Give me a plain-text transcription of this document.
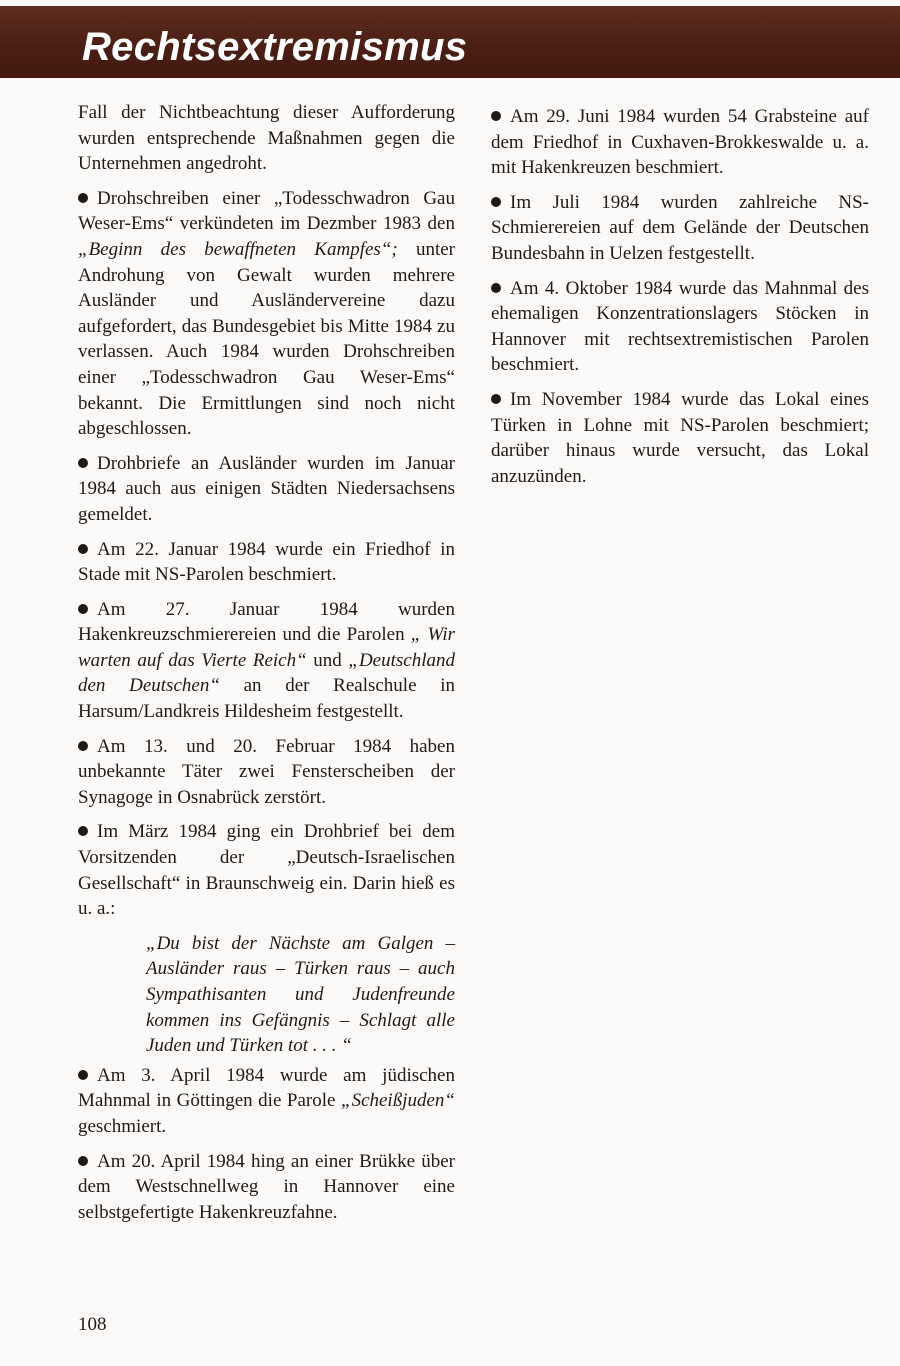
Rechtsextremismus

Fall der Nichtbeachtung dieser Aufforderung wurden entsprechende Maßnahmen gegen die Unternehmen angedroht.

Drohschreiben einer „Todesschwadron Gau Weser-Ems“ verkündeten im Dezmber 1983 den „Beginn des bewaffneten Kampfes“; unter Androhung von Gewalt wurden mehrere Ausländer und Ausländervereine dazu aufgefordert, das Bundesgebiet bis Mitte 1984 zu verlassen. Auch 1984 wurden Drohschreiben einer „Todesschwadron Gau Weser-Ems“ bekannt. Die Ermittlungen sind noch nicht abgeschlossen.

Drohbriefe an Ausländer wurden im Januar 1984 auch aus einigen Städten Niedersachsens gemeldet.

Am 22. Januar 1984 wurde ein Friedhof in Stade mit NS-Parolen beschmiert.

Am 27. Januar 1984 wurden Hakenkreuzschmierereien und die Parolen „ Wir warten auf das Vierte Reich“ und „Deutschland den Deutschen“ an der Realschule in Harsum/Landkreis Hildesheim festgestellt.

Am 13. und 20. Februar 1984 haben unbekannte Täter zwei Fensterscheiben der Synagoge in Osnabrück zerstört.

Im März 1984 ging ein Drohbrief bei dem Vorsitzenden der „Deutsch-Israelischen Gesellschaft“ in Braunschweig ein. Darin hieß es u. a.:

„Du bist der Nächste am Galgen – Ausländer raus – Türken raus – auch Sympathisanten und Judenfreunde kommen ins Gefängnis – Schlagt alle Juden und Türken tot . . . “

Am 3. April 1984 wurde am jüdischen Mahnmal in Göttingen die Parole „Scheißjuden“ geschmiert.

Am 20. April 1984 hing an einer Brükke über dem Westschnellweg in Hannover eine selbstgefertigte Hakenkreuzfahne.

Am 29. Juni 1984 wurden 54 Grabsteine auf dem Friedhof in Cuxhaven-Brokkeswalde u. a. mit Hakenkreuzen beschmiert.

Im Juli 1984 wurden zahlreiche NS-Schmierereien auf dem Gelände der Deutschen Bundesbahn in Uelzen festgestellt.

Am 4. Oktober 1984 wurde das Mahnmal des ehemaligen Konzentrationslagers Stöcken in Hannover mit rechtsextremistischen Parolen beschmiert.

Im November 1984 wurde das Lokal eines Türken in Lohne mit NS-Parolen beschmiert; darüber hinaus wurde versucht, das Lokal anzuzünden.

108
